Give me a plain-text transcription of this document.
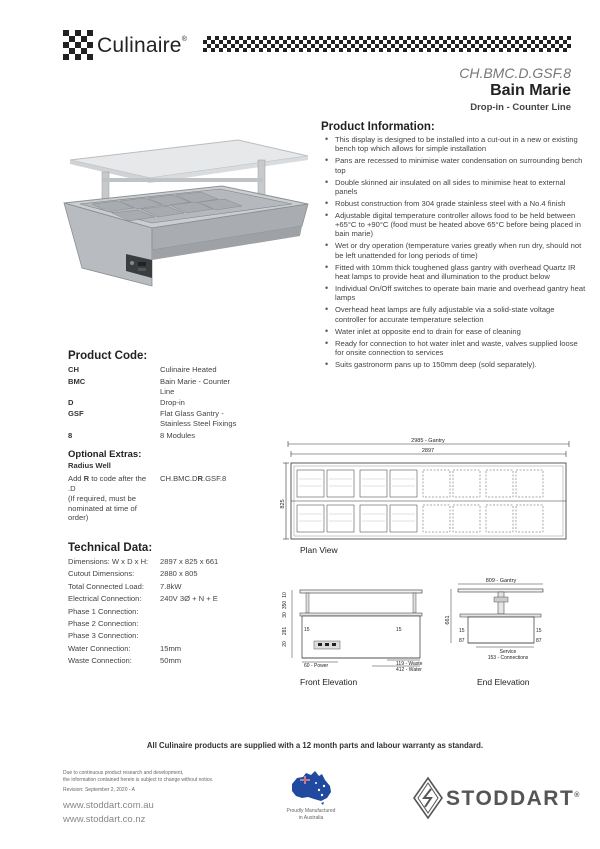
Culinaire®
CH.BMC.D.GSF.8
Bain Marie
Drop-in - Counter Line
Product Information:
• This display is designed to be installed into a cut-out in a new or existing bench top which allows for simple installation
• Pans are recessed to minimise water condensation on surrounding bench top
• Double skinned air insulated on all sides to minimise heat to external panels
• Robust construction from 304 grade stainless steel with a No.4 finish
• Adjustable digital temperature controller allows food to be held between +65°C to +90°C (food must be heated above 65°C before being placed in bain marie)
• Wet or dry operation (temperature varies greatly when run dry, should not be left unattended for long periods of time)
• Fitted with 10mm thick toughened glass gantry with overhead Quartz IR heat lamps to provide heat and illumination to the product below
• Individual On/Off switches to operate bain marie and overhead gantry heat lamps
• Overhead heat lamps are fully adjustable via a solid-state voltage controller for accurate temperature selection
• Water inlet at opposite end to drain for ease of cleaning
• Ready for connection to hot water inlet and waste, valves supplied loose for onsite connection to services
• Suits gastronorm pans up to 150mm deep (sold separately).
Product Code:
CH	Culinaire Heated
BMC	Bain Marie - Counter Line
D	Drop-in
GSF	Flat Glass Gantry - Stainless Steel Fixings
8	8 Modules
Optional Extras:
Radius Well
Add R to code after the .D
(If required, must be nominated at time of order)
CH.BMC.DR.GSF.8
Technical Data:
Dimensions: W x D x H: 2897 x 825 x 661
Cutout Dimensions:	2880 x 805
Total Connected Load: 7.8kW
Electrical Connection: 240V 3Ø + N + E
Phase 1 Connection:
Phase 2 Connection:
Phase 3 Connection:
Water Connection:	15mm
Waste Connection:	50mm
2985 - Gantry
2897
825
Plan View
10
350
30
281
20
15	15
60 - Power	119 - Waste
412 - Water
Front Elevation
809 - Gantry
661
15	15
87	87
Service
153 - Connections
End Elevation
All Culinaire products are supplied with a 12 month parts and labour warranty as standard.
Due to continuous product research and development,
the information contained herein is subject to change without notice.
Revision: September 2, 2020 - A
www.stoddart.com.au
www.stoddart.co.nz
Proudly Manufactured
in Australia
STODDART®
